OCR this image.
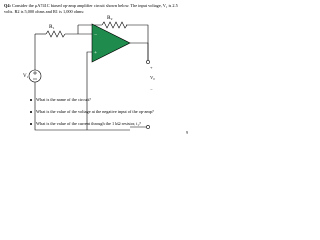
Q4: Consider the μA741C biased op-amp amplifier circuit shown below. The input voltage, V₁ is 2.5 volts. R2 is 5,000 ohms and R1 is 1,000 ohms:
R₂
R₁
−
+
V₁
+
V₀
−
What is the name of the circuit?
What is the value of the voltage at the negative input of the op-amp?
What is the value of the current through the 1 kΩ resistor, i₁?
9
